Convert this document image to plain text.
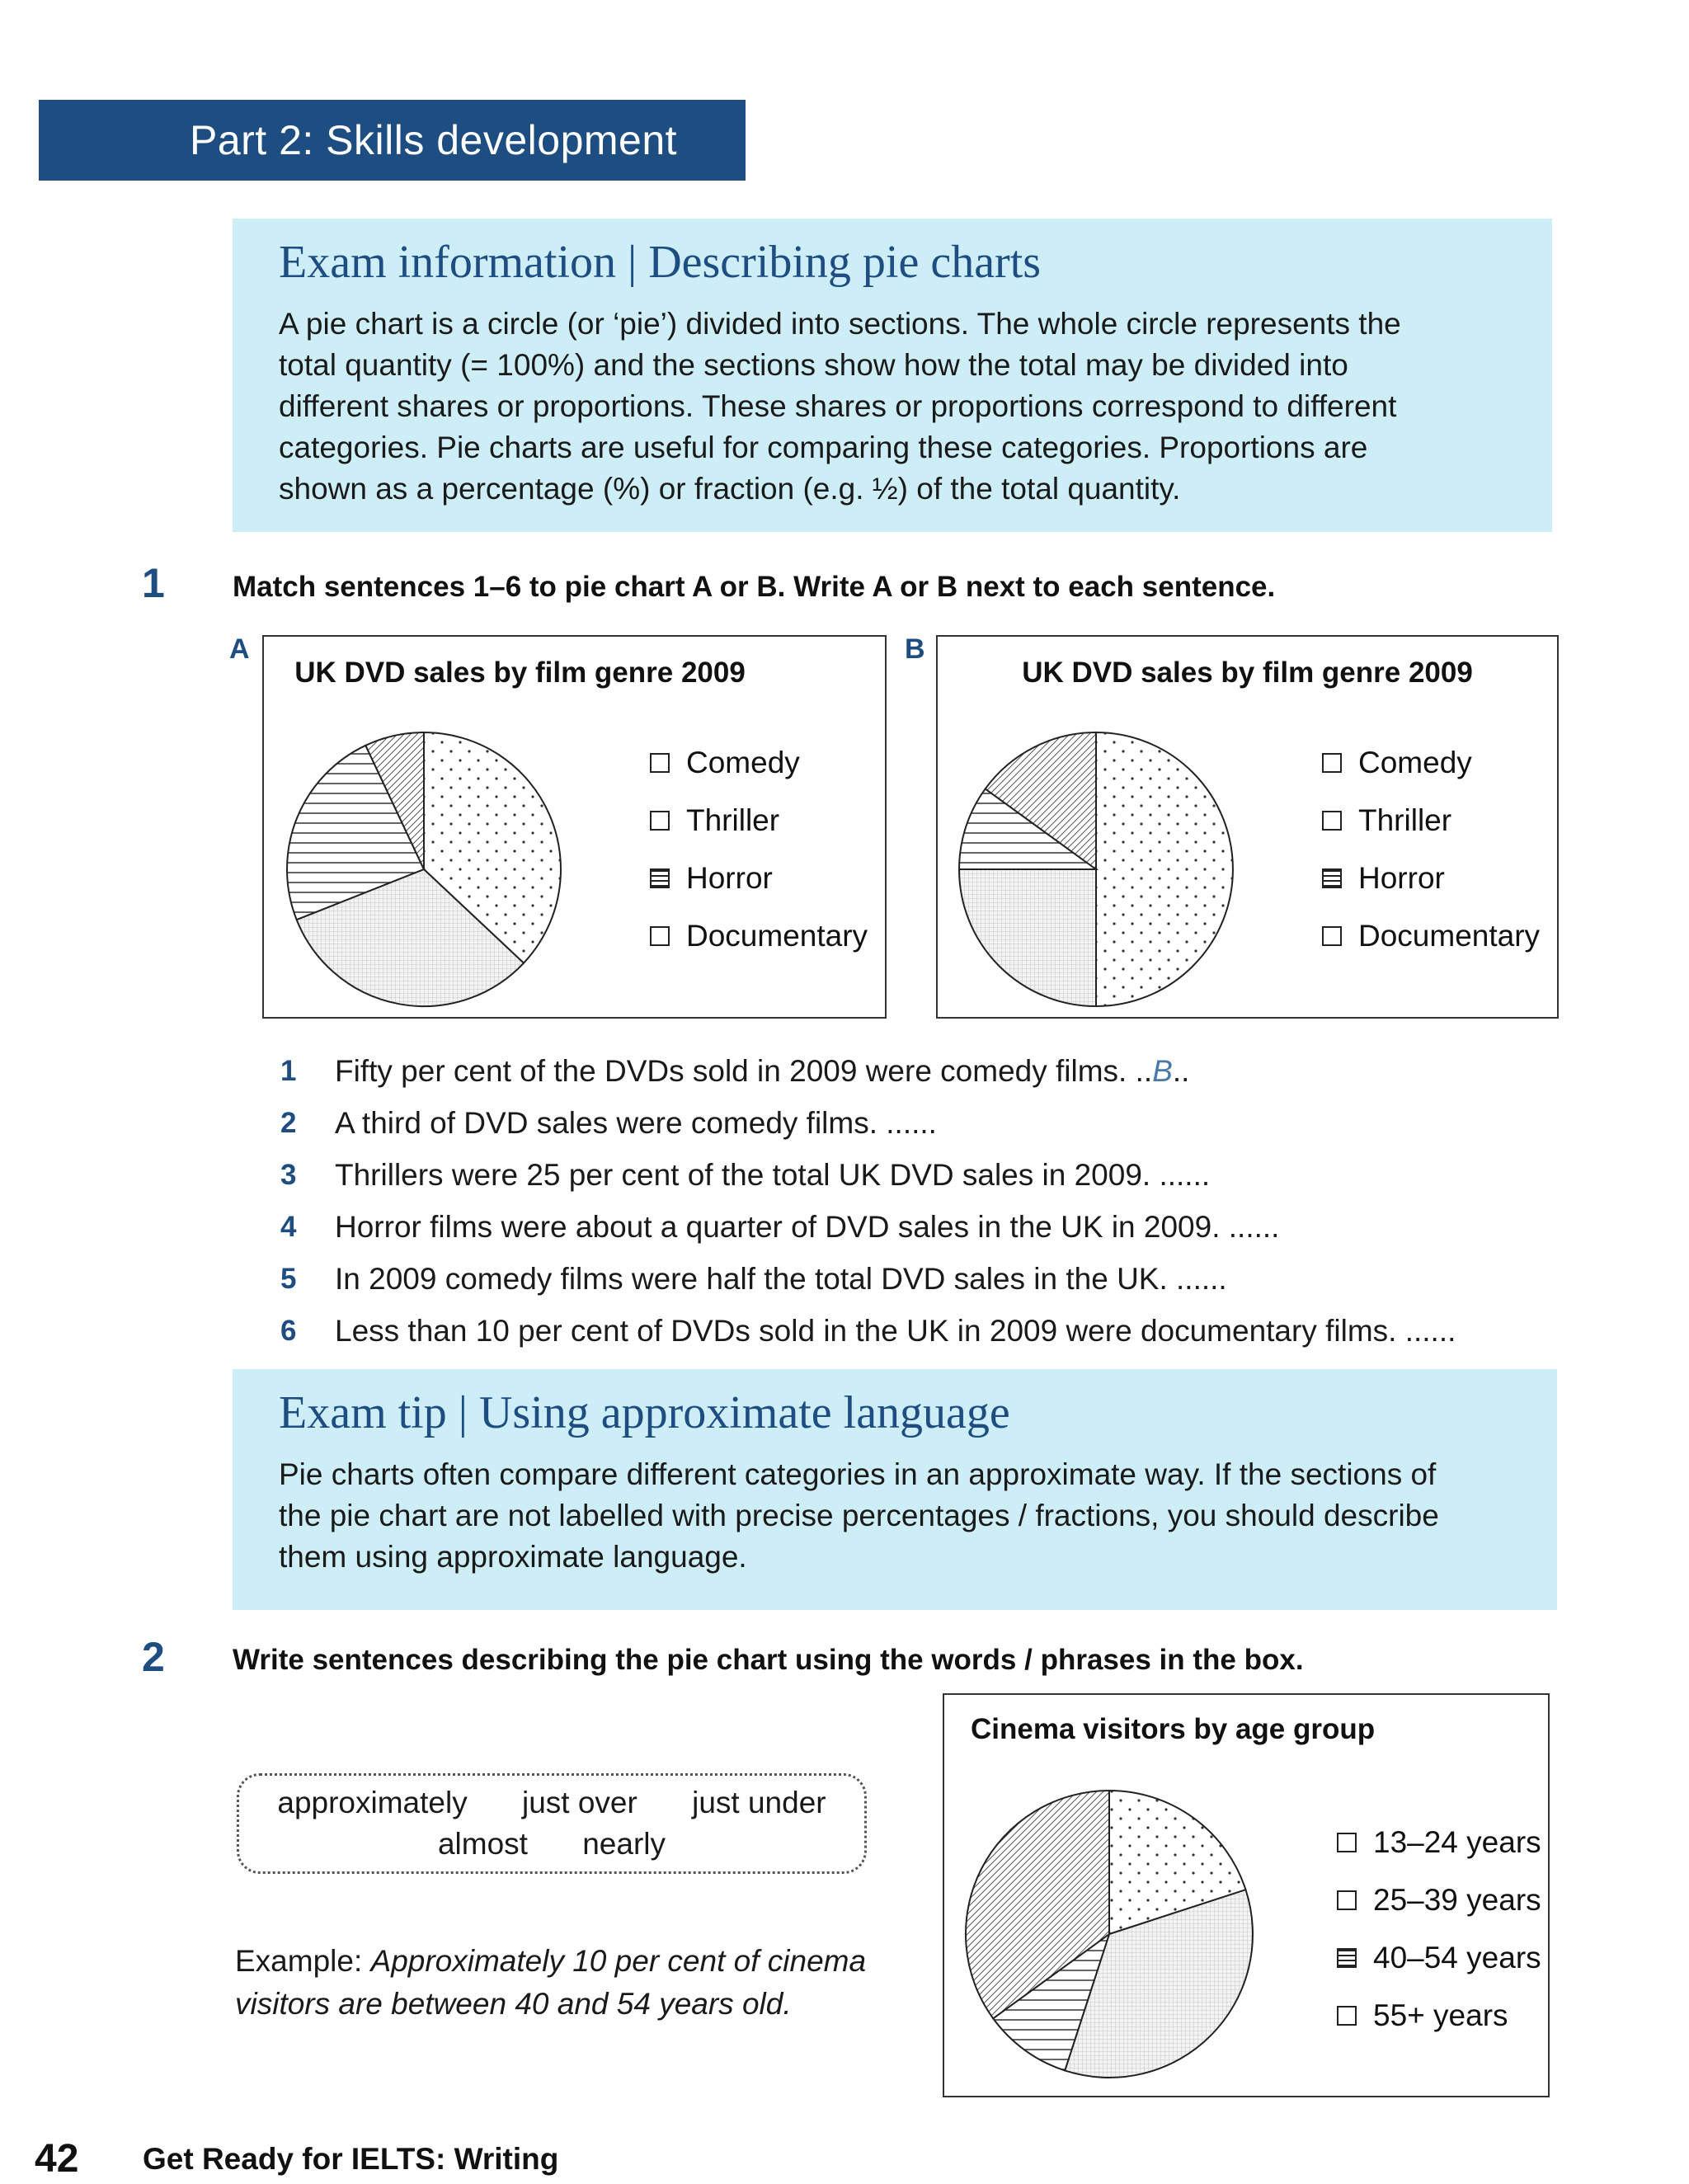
Part 2: Skills development
Exam information | Describing pie charts
A pie chart is a circle (or ‘pie’) divided into sections. The whole circle represents the
total quantity (= 100%) and the sections show how the total may be divided into
different shares or proportions. These shares or proportions correspond to different
categories. Pie charts are useful for comparing these categories. Proportions are
shown as a percentage (%) or fraction (e.g. ½) of the total quantity.
1 Match sentences 1–6 to pie chart A or B. Write A or B next to each sentence.
A
UK DVD sales by film genre 2009
Comedy
Thriller
Horror
Documentary
B
UK DVD sales by film genre 2009
Comedy
Thriller
Horror
Documentary
1	Fifty per cent of the DVDs sold in 2009 were comedy films. .. B ..
2	A third of DVD sales were comedy films. ......
3	Thrillers were 25 per cent of the total UK DVD sales in 2009. ......
4	Horror films were about a quarter of DVD sales in the UK in 2009. ......
5	In 2009 comedy films were half the total DVD sales in the UK. ......
6	Less than 10 per cent of DVDs sold in the UK in 2009 were documentary films. ......
Exam tip | Using approximate language
Pie charts often compare different categories in an approximate way. If the sections of
the pie chart are not labelled with precise percentages / fractions, you should describe
them using approximate language.
2 Write sentences describing the pie chart using the words / phrases in the box.
approximately just over just under
almost nearly
Example: Approximately 10 per cent of cinema
visitors are between 40 and 54 years old.
Cinema visitors by age group
13–24 years
25–39 years
40–54 years
55+ years
42 Get Ready for IELTS: Writing
